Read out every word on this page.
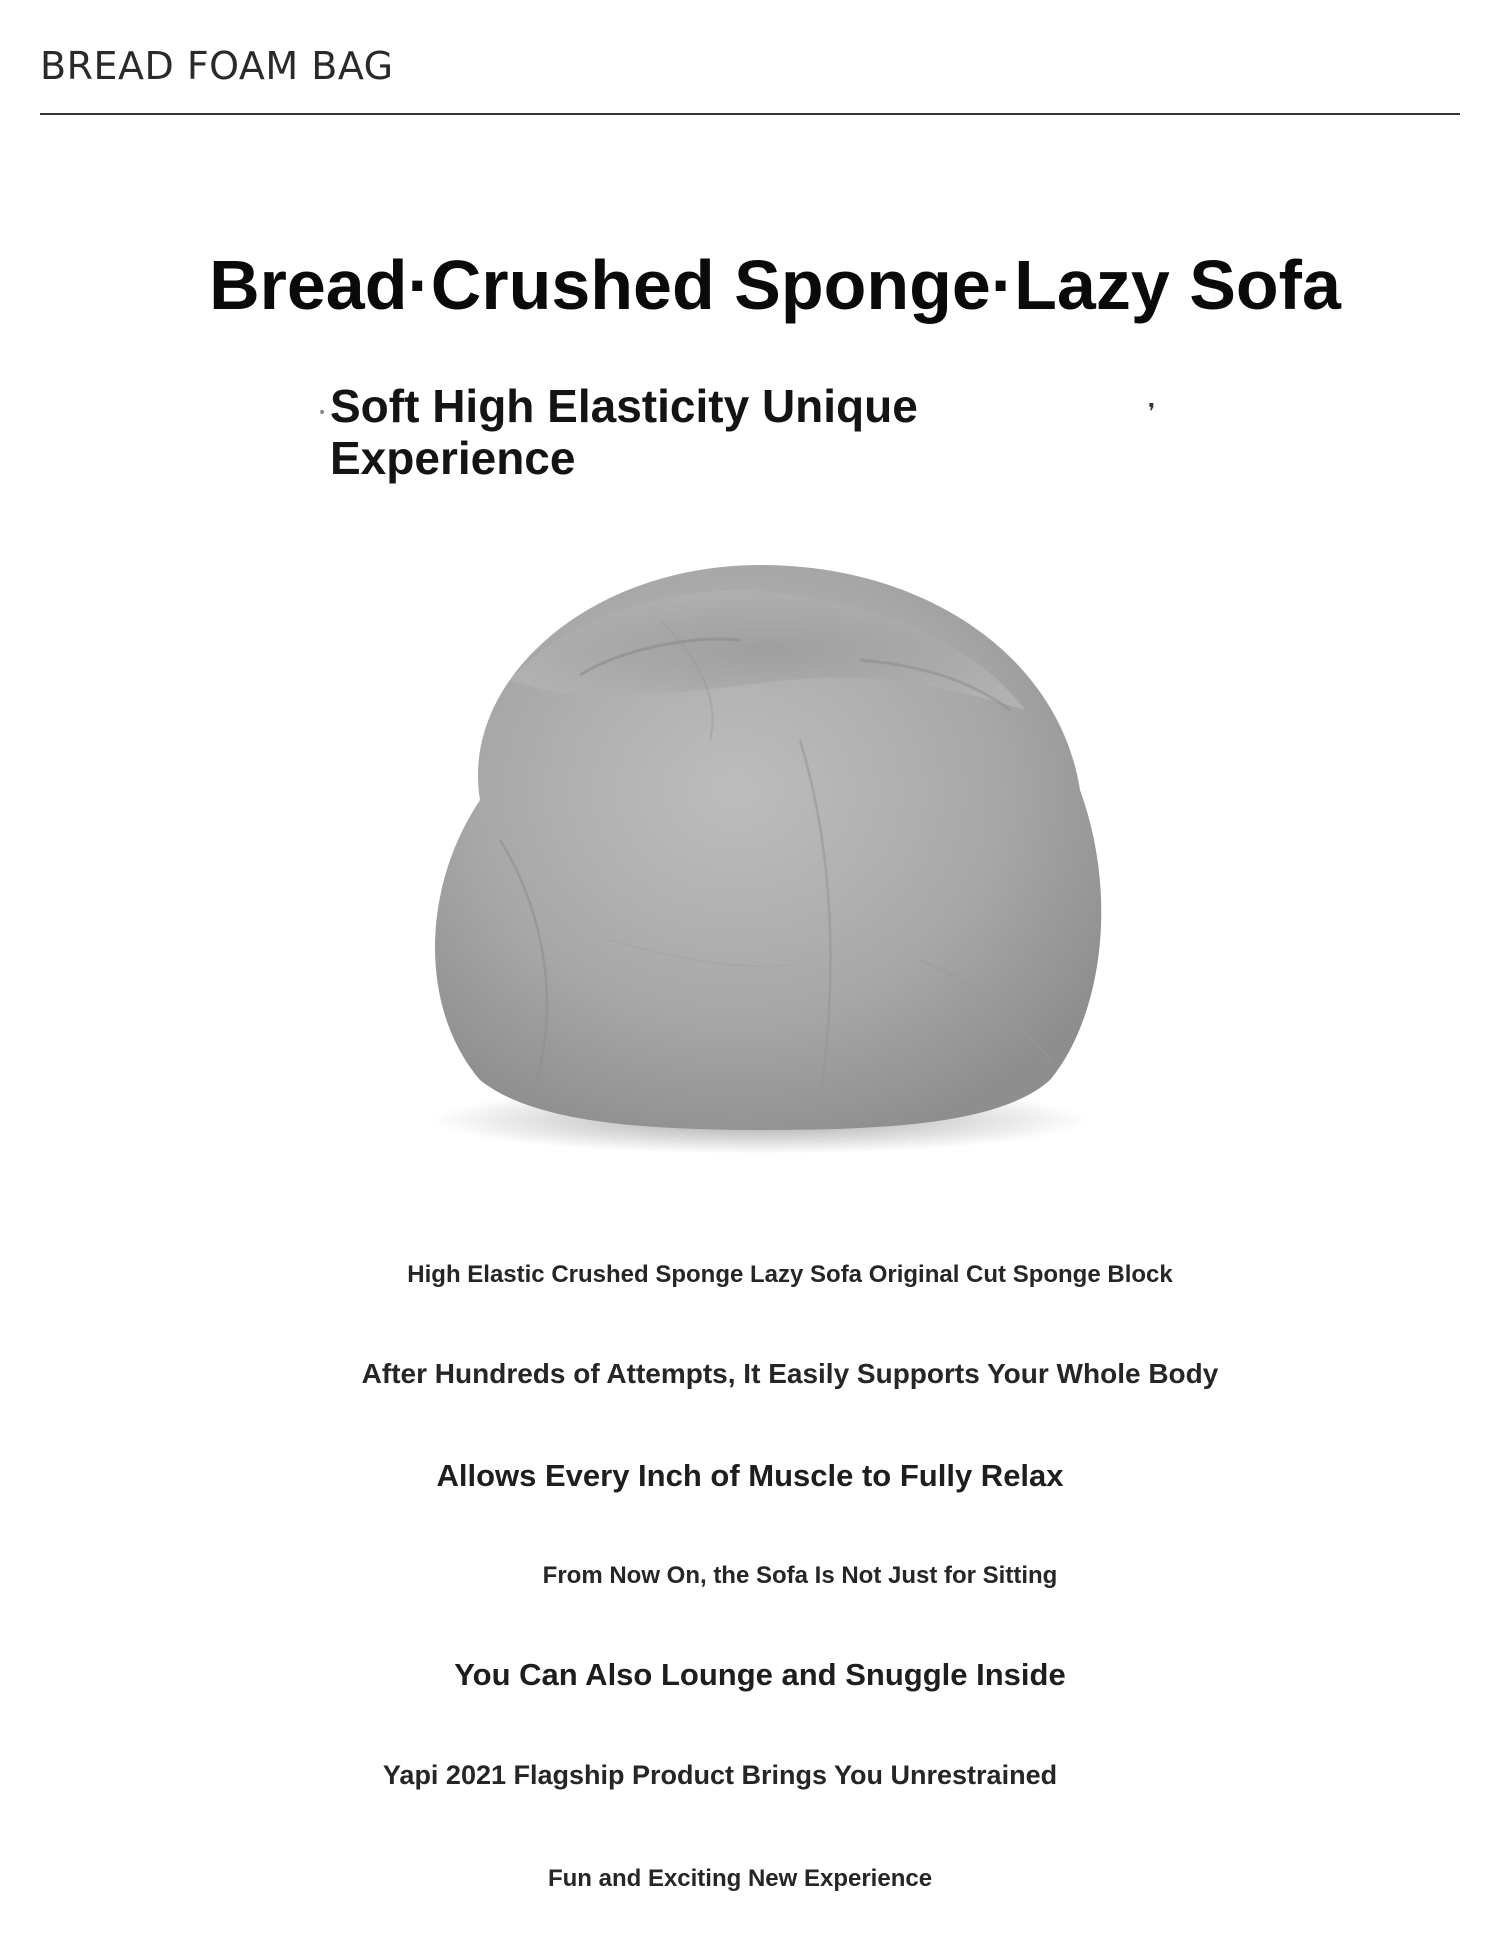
BREAD FOAM BAG
Bread·Crushed Sponge·Lazy Sofa
• Soft High Elasticity Unique Experience
❜
High Elastic Crushed Sponge Lazy Sofa Original Cut Sponge Block
After Hundreds of Attempts, It Easily Supports Your Whole Body
Allows Every Inch of Muscle to Fully Relax
From Now On, the Sofa Is Not Just for Sitting
You Can Also Lounge and Snuggle Inside
Yapi 2021 Flagship Product Brings You Unrestrained
Fun and Exciting New Experience
